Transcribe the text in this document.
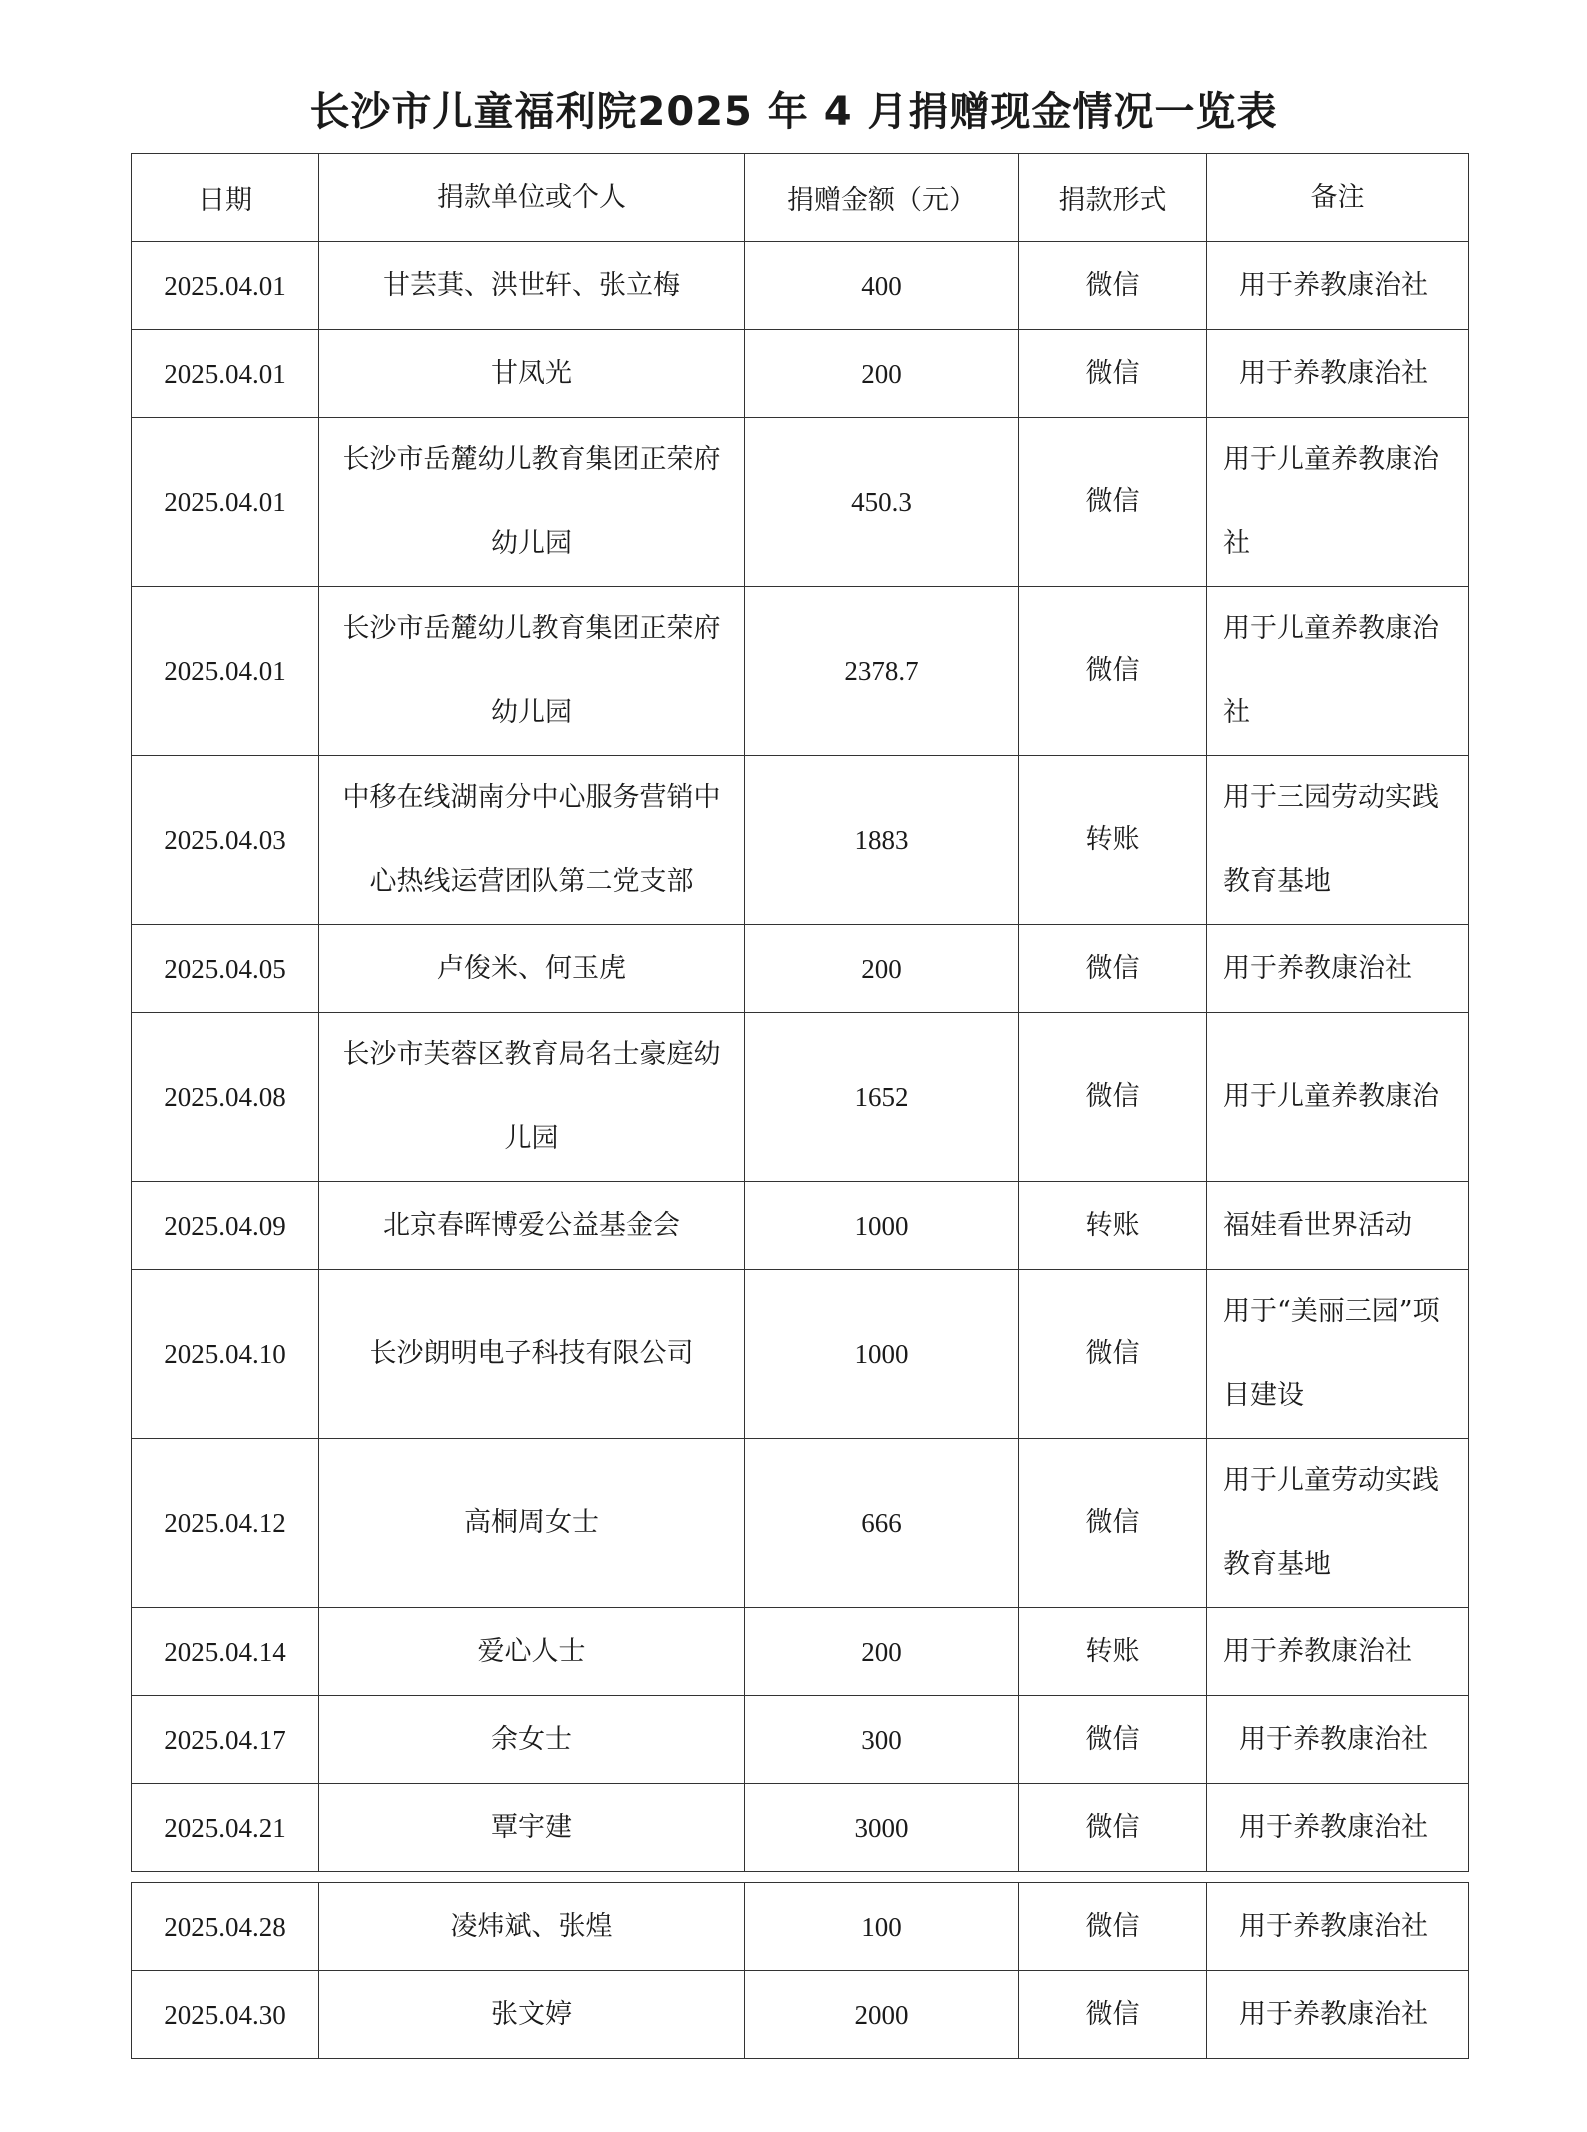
长沙市儿童福利院2025 年 4 月捐赠现金情况一览表
日期	捐款单位或个人	捐赠金额（元）	捐款形式	备注
2025.04.01	甘芸萁、洪世轩、张立梅	400	微信	用于养教康治社
2025.04.01	甘凤光	200	微信	用于养教康治社
2025.04.01	长沙市岳麓幼儿教育集团正荣府幼儿园	450.3	微信	用于儿童养教康治社
2025.04.01	长沙市岳麓幼儿教育集团正荣府幼儿园	2378.7	微信	用于儿童养教康治社
2025.04.03	中移在线湖南分中心服务营销中心热线运营团队第二党支部	1883	转账	用于三园劳动实践教育基地
2025.04.05	卢俊米、何玉虎	200	微信	用于养教康治社
2025.04.08	长沙市芙蓉区教育局名士豪庭幼儿园	1652	微信	用于儿童养教康治
2025.04.09	北京春晖博爱公益基金会	1000	转账	福娃看世界活动
2025.04.10	长沙朗明电子科技有限公司	1000	微信	用于“美丽三园”项目建设
2025.04.12	高桐周女士	666	微信	用于儿童劳动实践教育基地
2025.04.14	爱心人士	200	转账	用于养教康治社
2025.04.17	余女士	300	微信	用于养教康治社
2025.04.21	覃宇建	3000	微信	用于养教康治社
2025.04.28	凌炜斌、张煌	100	微信	用于养教康治社
2025.04.30	张文婷	2000	微信	用于养教康治社
